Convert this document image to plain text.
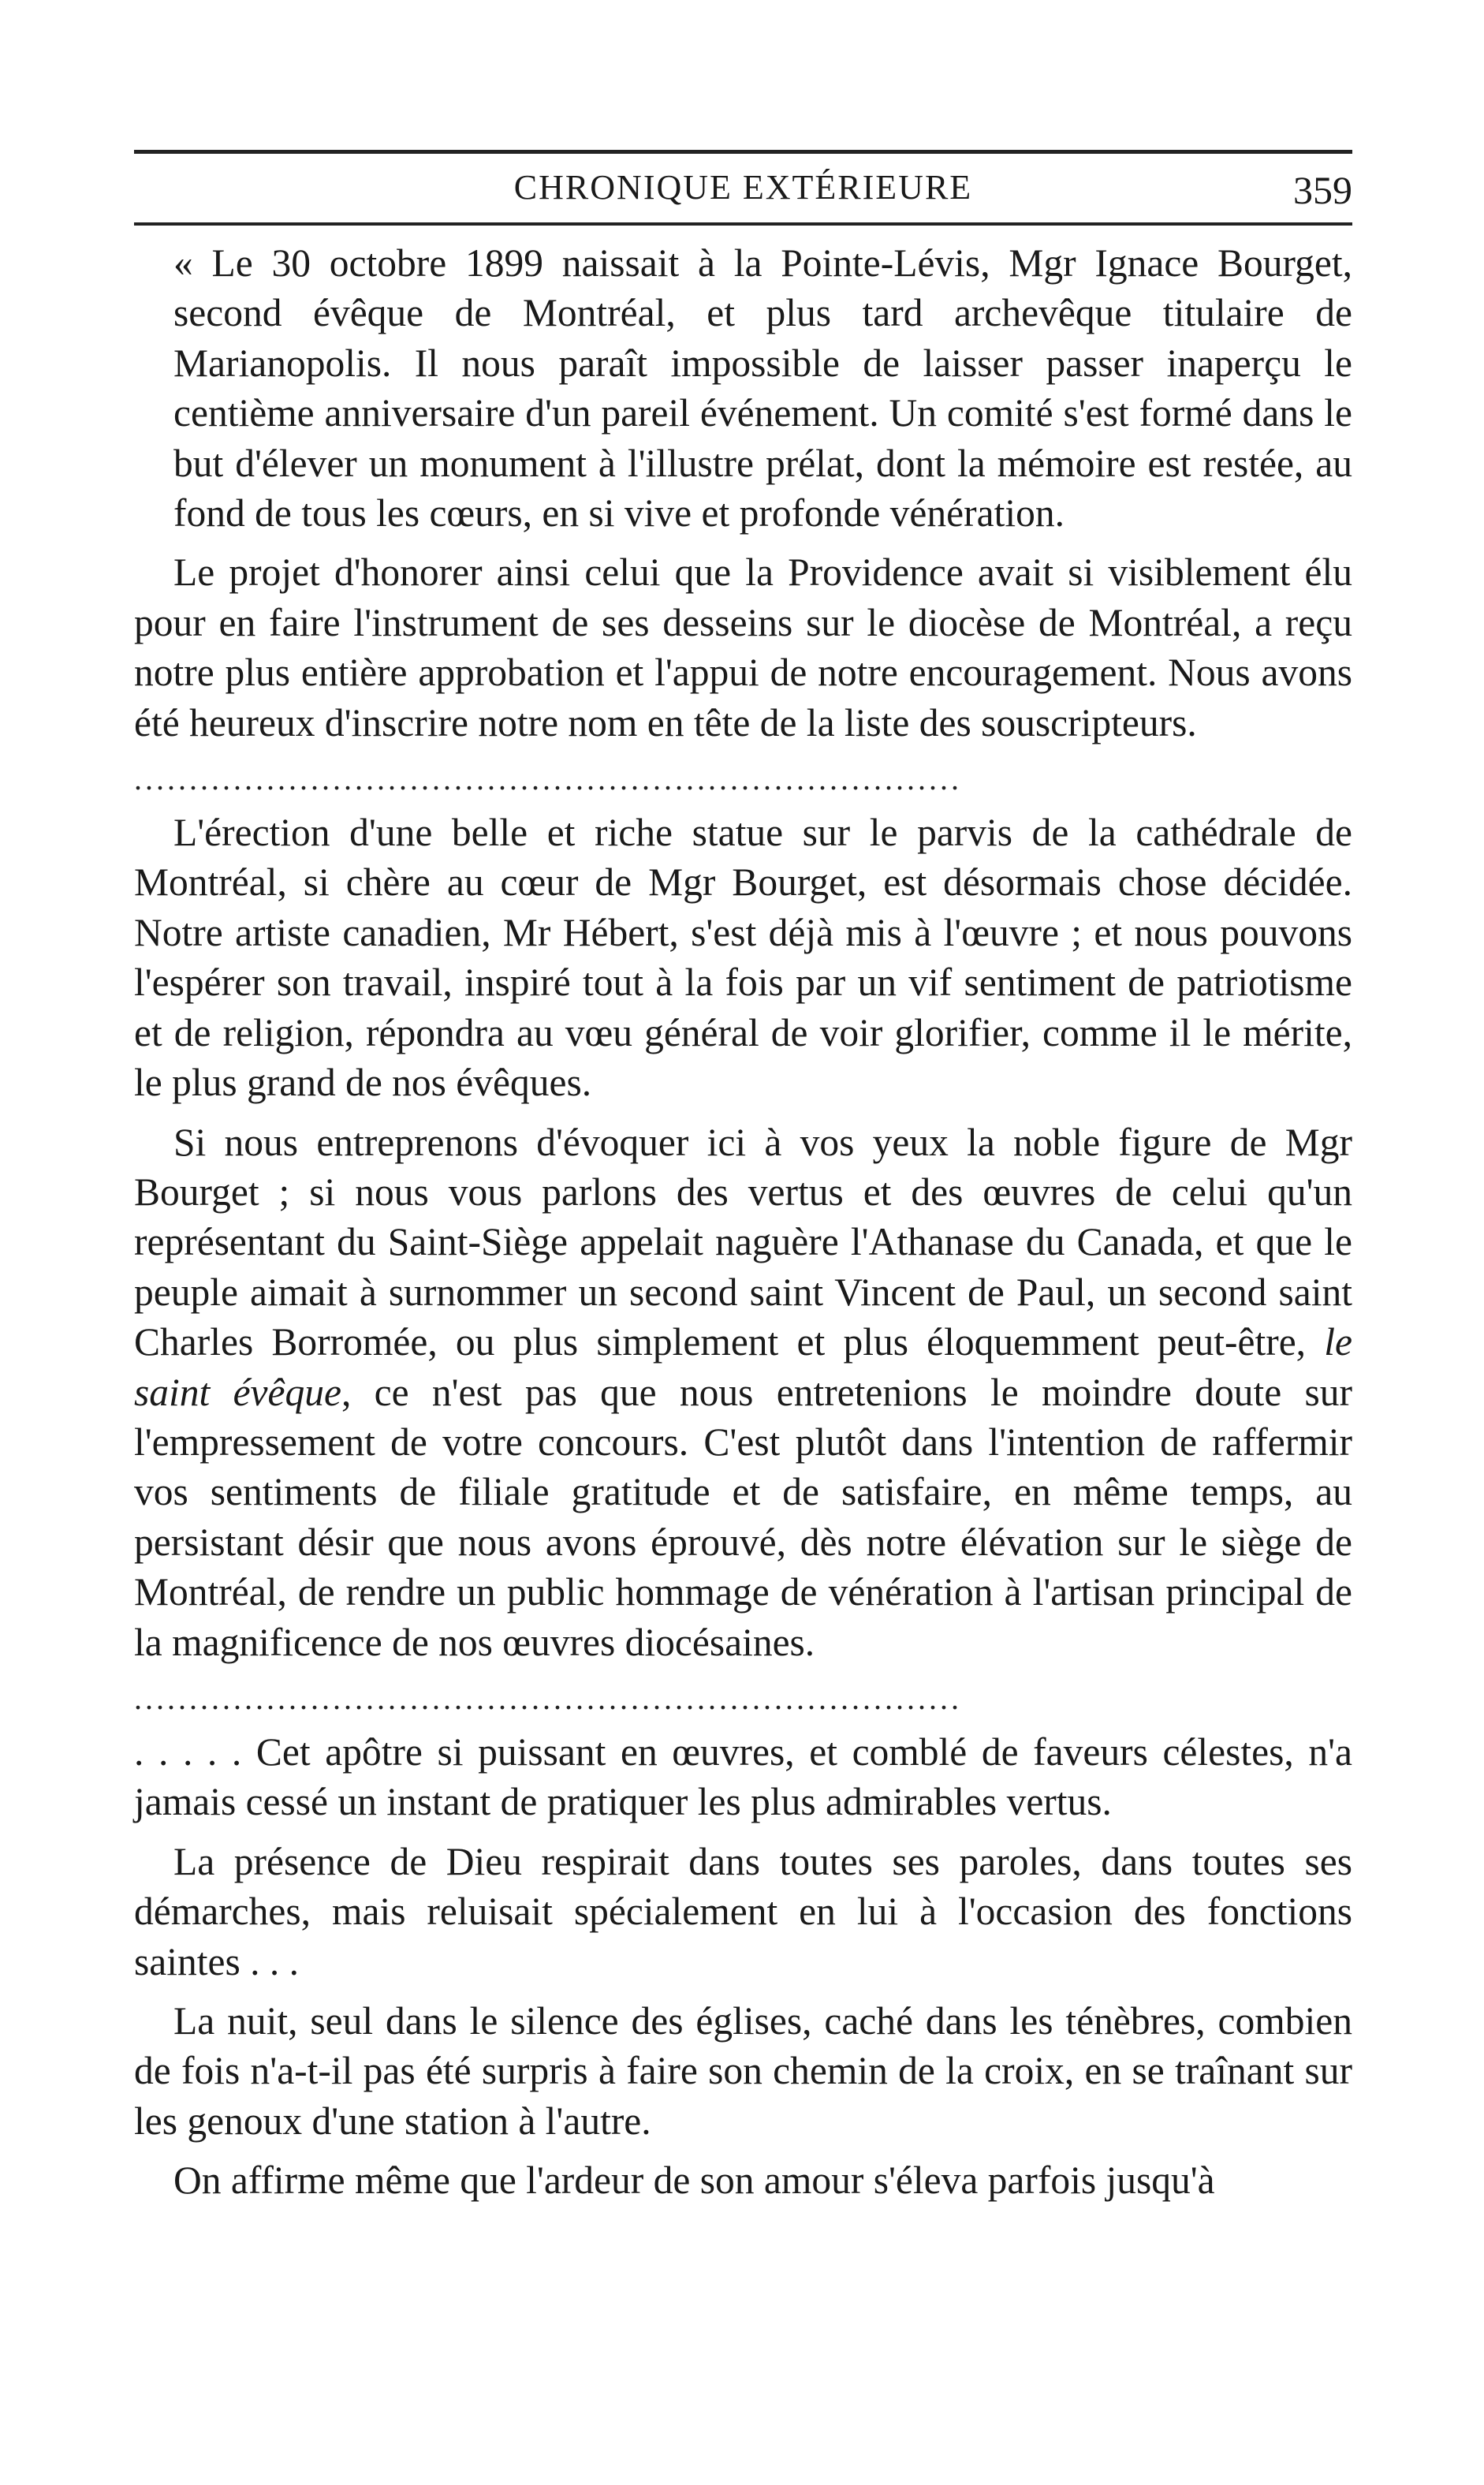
CHRONIQUE EXTÉRIEURE	359

« Le 30 octobre 1899 naissait à la Pointe-Lévis, Mgr Ignace Bourget, second évêque de Montréal, et plus tard archevêque titulaire de Marianopolis. Il nous paraît impossible de laisser passer inaperçu le centième anniversaire d'un pareil événement. Un comité s'est formé dans le but d'élever un monument à l'illustre prélat, dont la mémoire est restée, au fond de tous les cœurs, en si vive et profonde vénération.

Le projet d'honorer ainsi celui que la Providence avait si visiblement élu pour en faire l'instrument de ses desseins sur le diocèse de Montréal, a reçu notre plus entière approbation et l'appui de notre encouragement. Nous avons été heureux d'inscrire notre nom en tête de la liste des souscripteurs.

...........................................................................

L'érection d'une belle et riche statue sur le parvis de la cathédrale de Montréal, si chère au cœur de Mgr Bourget, est désormais chose décidée. Notre artiste canadien, Mr Hébert, s'est déjà mis à l'œuvre ; et nous pouvons l'espérer son travail, inspiré tout à la fois par un vif sentiment de patriotisme et de religion, répondra au vœu général de voir glorifier, comme il le mérite, le plus grand de nos évêques.

Si nous entreprenons d'évoquer ici à vos yeux la noble figure de Mgr Bourget ; si nous vous parlons des vertus et des œuvres de celui qu'un représentant du Saint-Siège appelait naguère l'Athanase du Canada, et que le peuple aimait à surnommer un second saint Vincent de Paul, un second saint Charles Borromée, ou plus simplement et plus éloquemment peut-être, le saint évêque, ce n'est pas que nous entretenions le moindre doute sur l'empressement de votre concours. C'est plutôt dans l'intention de raffermir vos sentiments de filiale gratitude et de satisfaire, en même temps, au persistant désir que nous avons éprouvé, dès notre élévation sur le siège de Montréal, de rendre un public hommage de vénération à l'artisan principal de la magnificence de nos œuvres diocésaines.

...........................................................................

. . . . . Cet apôtre si puissant en œuvres, et comblé de faveurs célestes, n'a jamais cessé un instant de pratiquer les plus admirables vertus.

La présence de Dieu respirait dans toutes ses paroles, dans toutes ses démarches, mais reluisait spécialement en lui à l'occasion des fonctions saintes . . .

La nuit, seul dans le silence des églises, caché dans les ténèbres, combien de fois n'a-t-il pas été surpris à faire son chemin de la croix, en se traînant sur les genoux d'une station à l'autre.

On affirme même que l'ardeur de son amour s'éleva parfois jusqu'à
